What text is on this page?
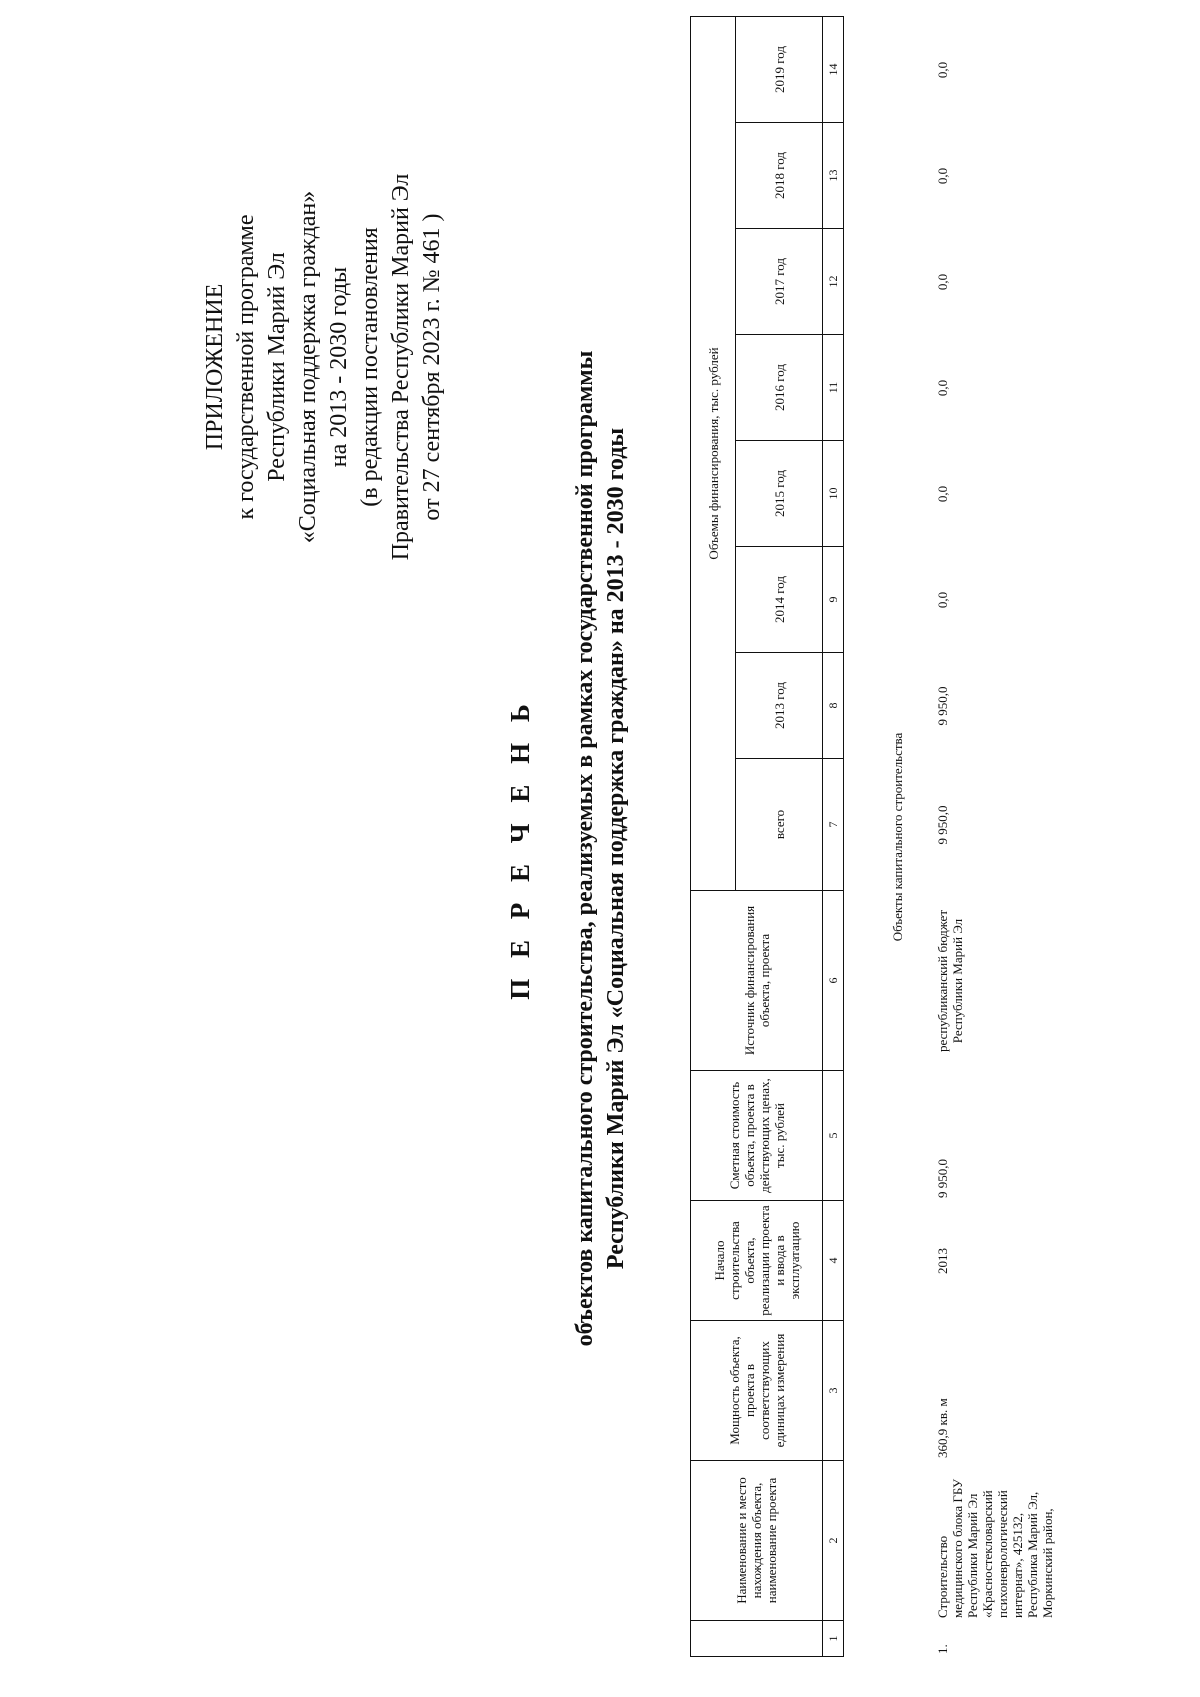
ПРИЛОЖЕНИЕ к государственной программе Республики Марий Эл «Социальная поддержка граждан» на 2013 - 2030 годы (в редакции постановления Правительства Республики Марий Эл от 27 сентября 2023 г. № 461 )
П Е Р Е Ч Е Н Ь объектов капитального строительства, реализуемых в рамках государственной программы Республики Марий Эл «Социальная поддержка граждан» на 2013 - 2030 годы
	Наименование и место нахождения объекта, наименование проекта	Мощность объекта, проекта в соответствующих единицах измерения	Начало строительства объекта, реализации проекта и ввода в эксплуатацию	Сметная стоимость объекта, проекта в действующих ценах, тыс. рублей	Источник финансирования объекта, проекта	Объемы финансирования, тыс. рублей							
						всего	2013 год	2014 год	2015 год	2016 год	2017 год	2018 год	2019 год
1	2	3	4	5	6	7	8	9	10	11	12	13	14
Объекты капитального строительства
1.	Строительство медицинского блока ГБУ Республики Марий Эл «Красностекловарский психоневрологический интернат», 425132, Республика Марий Эл, Моркинский район,	360,9 кв. м	2013	9 950,0	республиканский бюджет Республики Марий Эл	9 950,0	9 950,0	0,0	0,0	0,0	0,0	0,0	0,0
